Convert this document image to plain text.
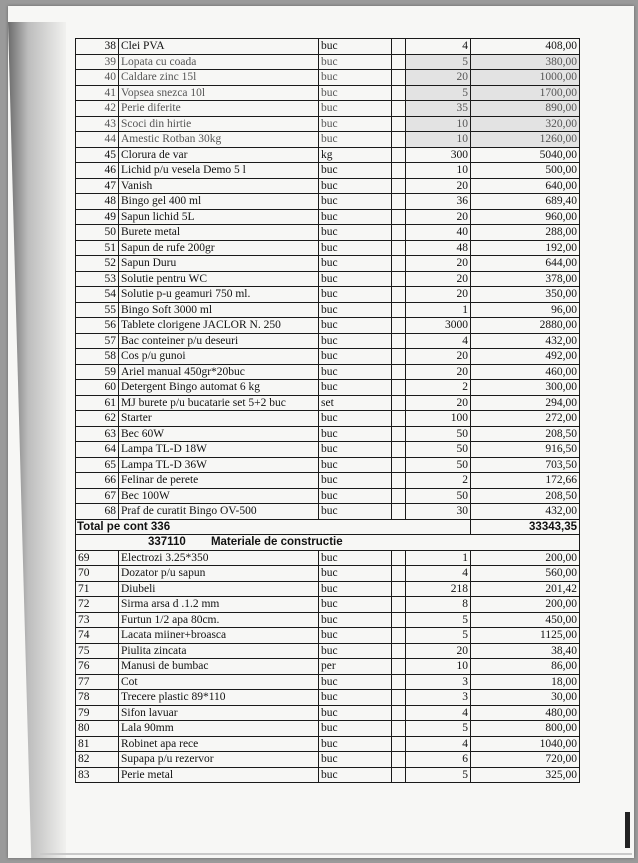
38	Clei PVA	buc		4	408,00
39	Lopata cu coada	buc		5	380,00
40	Caldare zinc 15l	buc		20	1000,00
41	Vopsea snezca 10l	buc		5	1700,00
42	Perie diferite	buc		35	890,00
43	Scoci din hirtie	buc		10	320,00
44	Amestic Rotban 30kg	buc		10	1260,00
45	Clorura de var	kg		300	5040,00
46	Lichid p/u vesela Demo 5 l	buc		10	500,00
47	Vanish	buc		20	640,00
48	Bingo gel 400 ml	buc		36	689,40
49	Sapun lichid 5L	buc		20	960,00
50	Burete metal	buc		40	288,00
51	Sapun de rufe 200gr	buc		48	192,00
52	Sapun Duru	buc		20	644,00
53	Solutie pentru WC	buc		20	378,00
54	Solutie p-u geamuri 750 ml.	buc		20	350,00
55	Bingo Soft 3000 ml	buc		1	96,00
56	Tablete clorigene JACLOR N. 250	buc		3000	2880,00
57	Bac conteiner p/u deseuri	buc		4	432,00
58	Cos p/u gunoi	buc		20	492,00
59	Ariel manual 450gr*20buc	buc		20	460,00
60	Detergent Bingo automat 6 kg	buc		2	300,00
61	MJ burete p/u bucatarie set 5+2 buc	set		20	294,00
62	Starter	buc		100	272,00
63	Bec 60W	buc		50	208,50
64	Lampa TL-D 18W	buc		50	916,50
65	Lampa TL-D 36W	buc		50	703,50
66	Felinar de perete	buc		2	172,66
67	Bec 100W	buc		50	208,50
68	Praf de curatit Bingo OV-500	buc		30	432,00
Total pe cont 336					33343,35
337110 Materiale de constructie					
69	Electrozi 3.25*350	buc		1	200,00
70	Dozator p/u sapun	buc		4	560,00
71	Diubeli	buc		218	201,42
72	Sirma arsa d .1.2 mm	buc		8	200,00
73	Furtun 1/2 apa 80cm.	buc		5	450,00
74	Lacata miiner+broasca	buc		5	1125,00
75	Piulita zincata	buc		20	38,40
76	Manusi de bumbac	per		10	86,00
77	Cot	buc		3	18,00
78	Trecere plastic 89*110	buc		3	30,00
79	Sifon lavuar	buc		4	480,00
80	Lala 90mm	buc		5	800,00
81	Robinet apa rece	buc		4	1040,00
82	Supapa p/u rezervor	buc		6	720,00
83	Perie metal	buc		5	325,00
